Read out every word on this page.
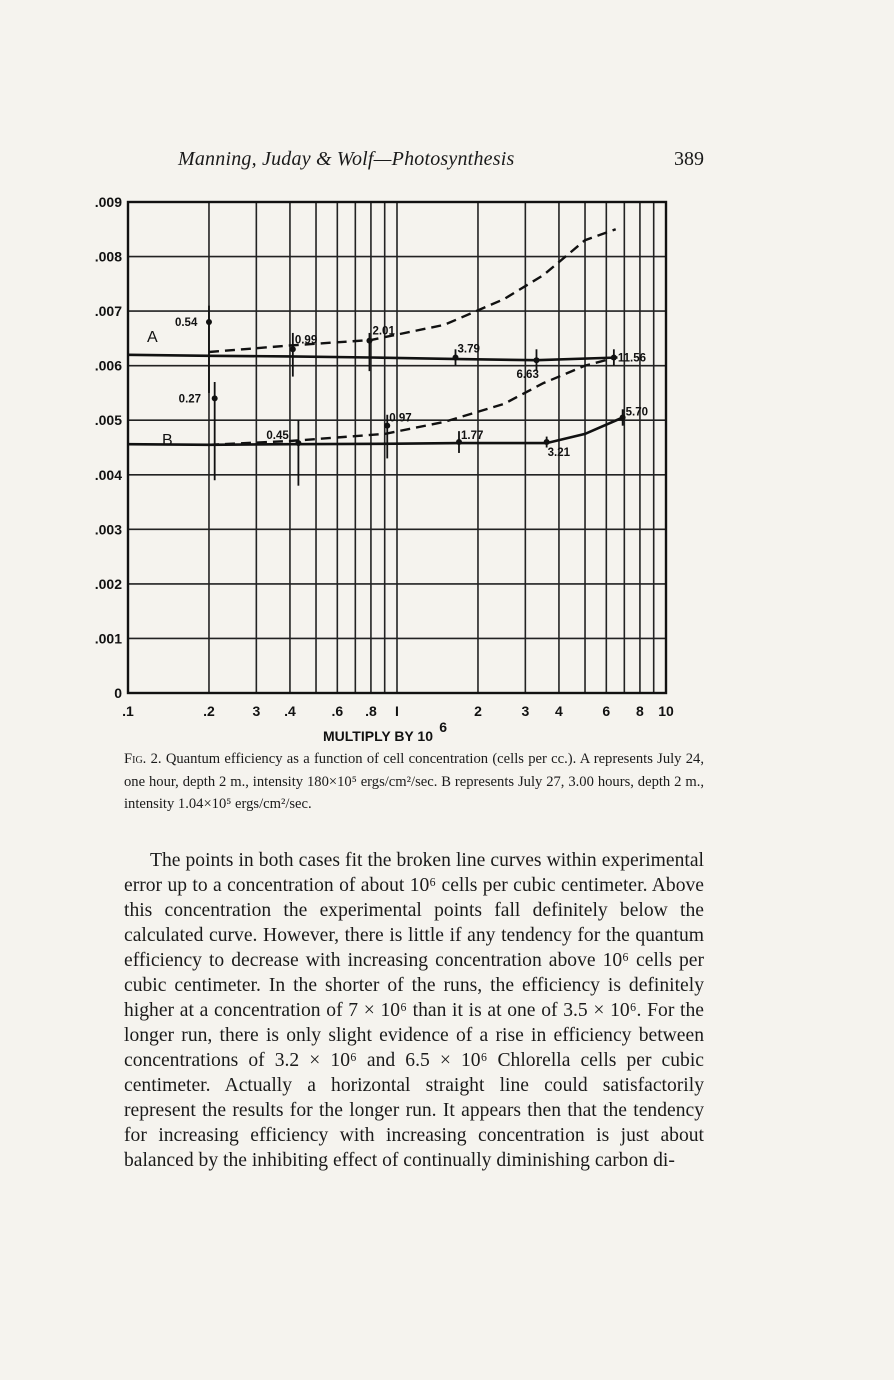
Manning, Juday & Wolf—Photosynthesis	389
0
.001
.002
.003
.004
.005
.006
.007
.008
.009
.1	.2	3 .4	.6 .8 I	2	3 4	6 8 10
MULTIPLY BY 10
6
A
0.54
0.99
2.01
3.79
6.63
11.56
B
0.27
0.45
0.97
1.77
3.21
5.70
Fig. 2. Quantum efficiency as a function of cell concentration (cells per cc.). A represents July 24, one hour, depth 2 m., intensity 180×10⁵ ergs/cm²/sec. B represents July 27, 3.00 hours, depth 2 m., intensity 1.04×10⁵ ergs/cm²/sec.

The points in both cases fit the broken line curves within experimental error up to a concentration of about 10⁶ cells per cubic centimeter. Above this concentration the experimental points fall definitely below the calculated curve. However, there is little if any tendency for the quantum efficiency to decrease with increasing concentration above 10⁶ cells per cubic centimeter. In the shorter of the runs, the efficiency is definitely higher at a concentration of 7 × 10⁶ than it is at one of 3.5 × 10⁶. For the longer run, there is only slight evidence of a rise in efficiency between concentrations of 3.2 × 10⁶ and 6.5 × 10⁶ Chlorella cells per cubic centimeter. Actually a horizontal straight line could satisfactorily represent the results for the longer run. It appears then that the tendency for increasing efficiency with increasing concentration is just about balanced by the inhibiting effect of continually diminishing carbon di-
